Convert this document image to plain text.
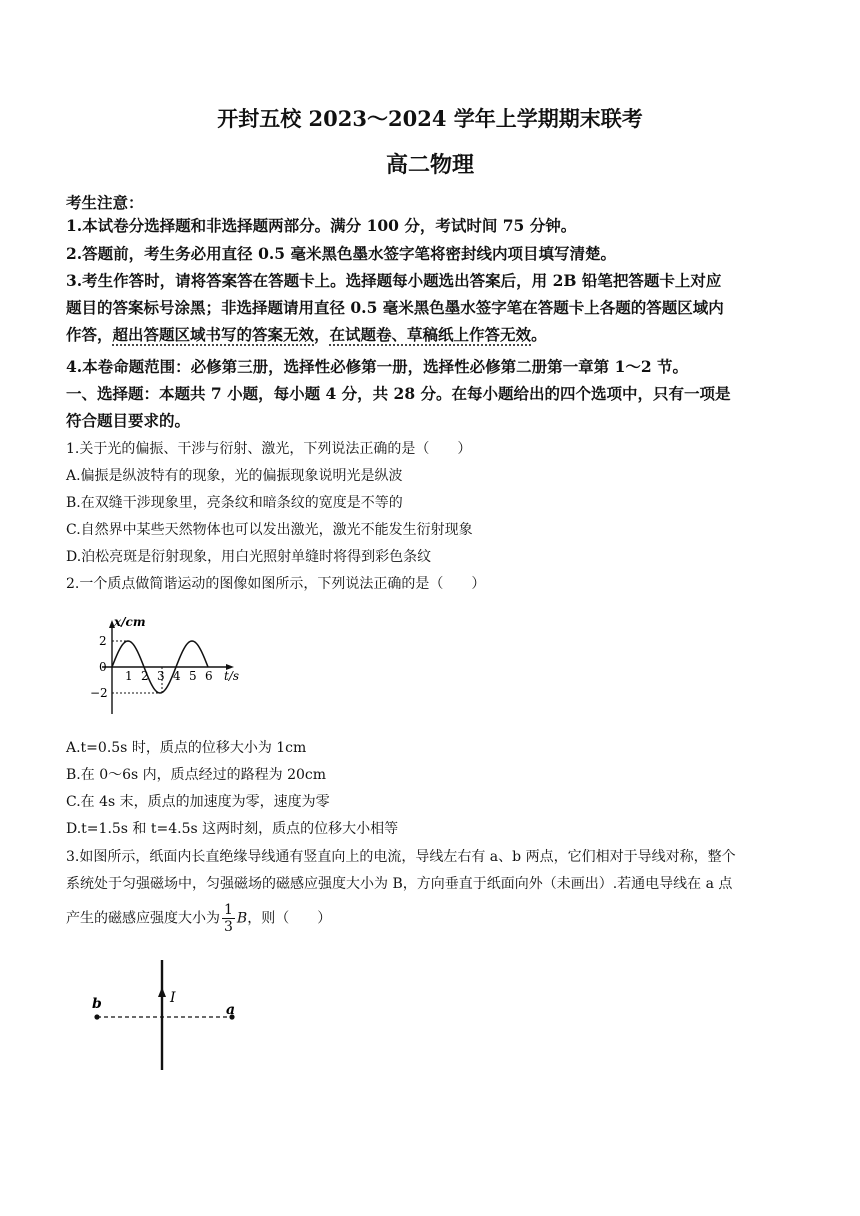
开封五校 2023～2024 学年上学期期末联考
高二物理
考生注意：
1.本试卷分选择题和非选择题两部分。满分 100 分，考试时间 75 分钟。
2.答题前，考生务必用直径 0.5 毫米黑色墨水签字笔将密封线内项目填写清楚。
3.考生作答时，请将答案答在答题卡上。选择题每小题选出答案后，用 2B 铅笔把答题卡上对应
题目的答案标号涂黑；非选择题请用直径 0.5 毫米黑色墨水签字笔在答题卡上各题的答题区域内
作答，超出答题区域书写的答案无效，在试题卷、草稿纸上作答无效。
4.本卷命题范围：必修第三册，选择性必修第一册，选择性必修第二册第一章第 1～2 节。
一、选择题：本题共 7 小题，每小题 4 分，共 28 分。在每小题给出的四个选项中，只有一项是
符合题目要求的。
1.关于光的偏振、干涉与衍射、激光，下列说法正确的是（　　）
A.偏振是纵波特有的现象，光的偏振现象说明光是纵波
B.在双缝干涉现象里，亮条纹和暗条纹的宽度是不等的
C.自然界中某些天然物体也可以发出激光，激光不能发生衍射现象
D.泊松亮斑是衍射现象，用白光照射单缝时将得到彩色条纹
2.一个质点做简谐运动的图像如图所示，下列说法正确的是（　　）
x/cm
t/s
2
0
−2
1 2 3 4 5 6
A.t=0.5s 时，质点的位移大小为 1cm
B.在 0～6s 内，质点经过的路程为 20cm
C.在 4s 末，质点的加速度为零，速度为零
D.t=1.5s 和 t=4.5s 这两时刻，质点的位移大小相等
3.如图所示，纸面内长直绝缘导线通有竖直向上的电流，导线左右有 a、b 两点，它们相对于导线对称，整个
系统处于匀强磁场中，匀强磁场的磁感应强度大小为 B，方向垂直于纸面向外（未画出）.若通电导线在 a 点
产生的磁感应强度大小为 $\frac{1}{3}$ B，则（　　）
I
b	a
